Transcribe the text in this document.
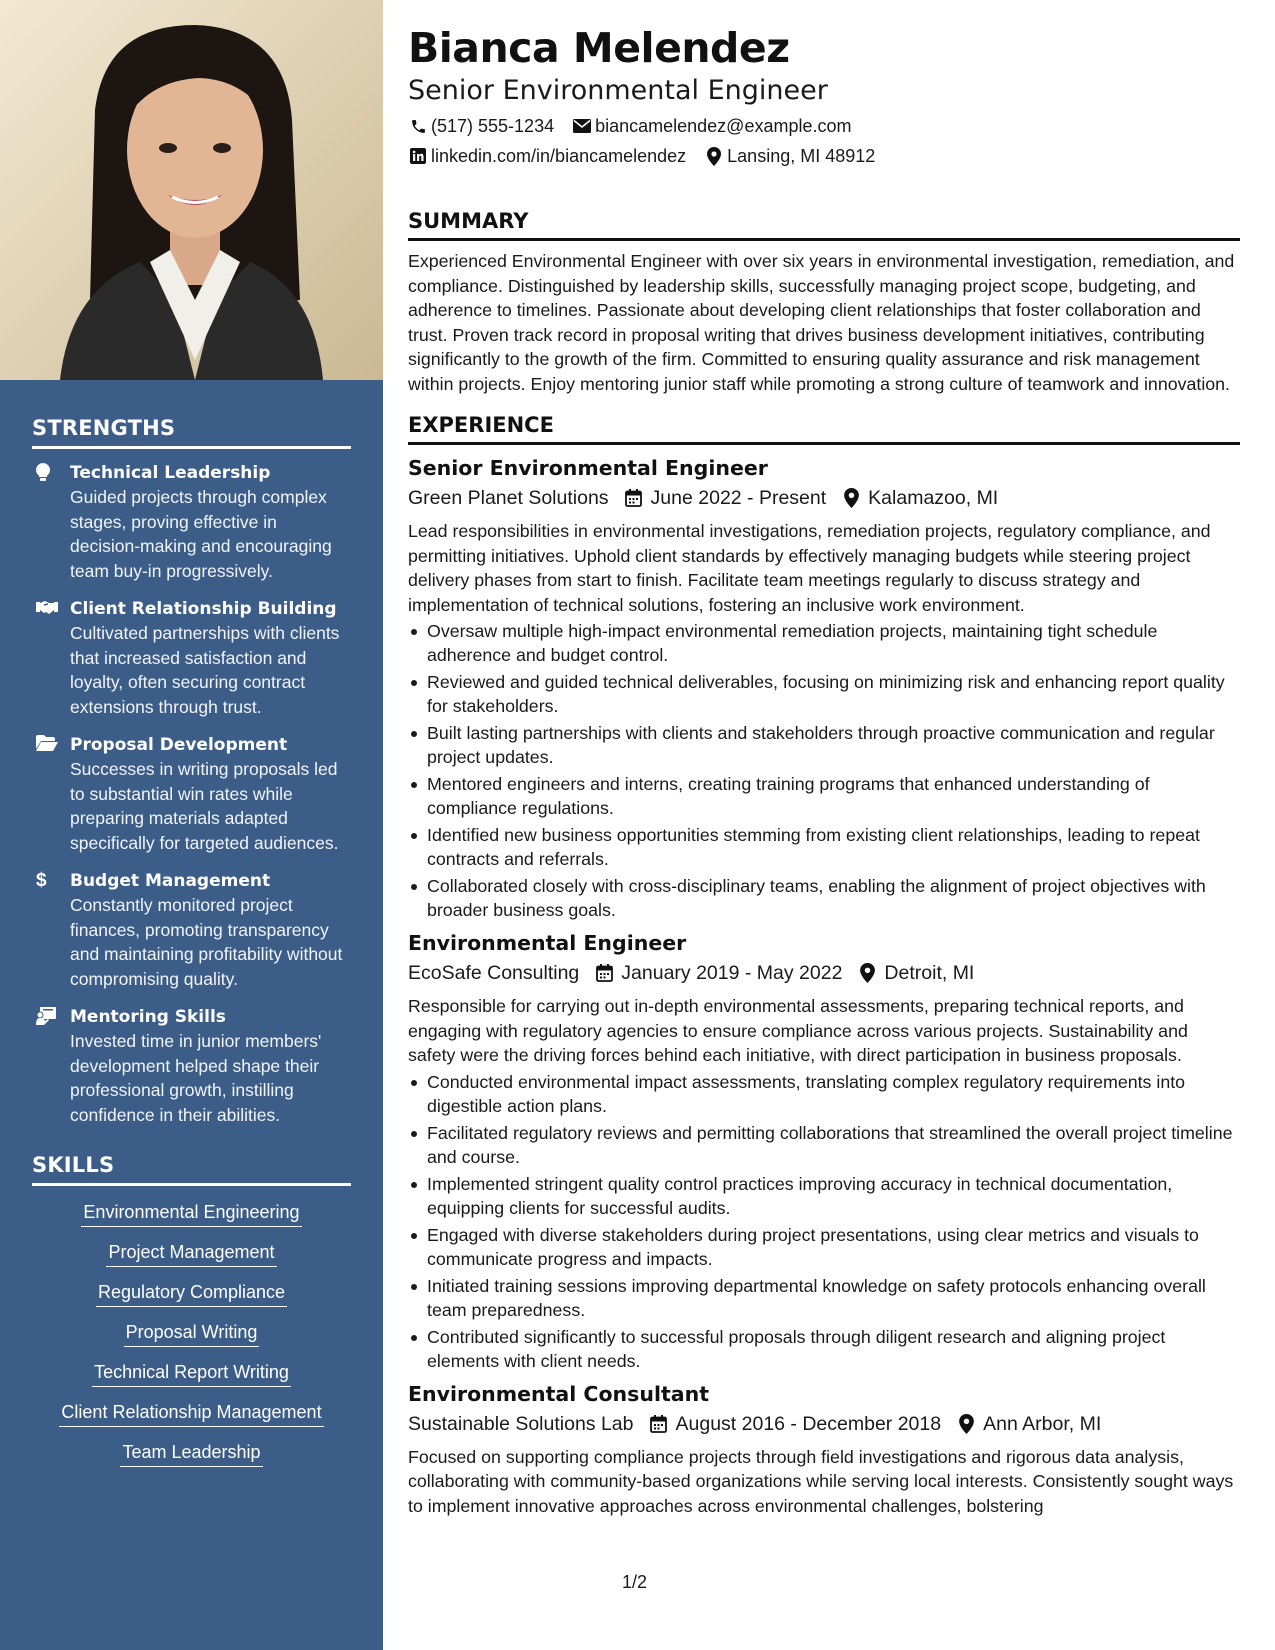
STRENGTHS
Technical Leadership
Guided projects through complex stages, proving effective in decision-making and encouraging team buy-in progressively.
Client Relationship Building
Cultivated partnerships with clients that increased satisfaction and loyalty, often securing contract extensions through trust.
Proposal Development
Successes in writing proposals led to substantial win rates while preparing materials adapted specifically for targeted audiences.
$	Budget Management
Constantly monitored project finances, promoting transparency and maintaining profitability without compromising quality.
Mentoring Skills
Invested time in junior members' development helped shape their professional growth, instilling confidence in their abilities.
SKILLS
Environmental Engineering
Project Management
Regulatory Compliance
Proposal Writing
Technical Report Writing
Client Relationship Management
Team Leadership
Bianca Melendez
Senior Environmental Engineer
(517) 555-1234 biancamelendez@example.com
linkedin.com/in/biancamelendez Lansing, MI 48912
SUMMARY

Experienced Environmental Engineer with over six years in environmental investigation, remediation, and compliance. Distinguished by leadership skills, successfully managing project scope, budgeting, and adherence to timelines. Passionate about developing client relationships that foster collaboration and trust. Proven track record in proposal writing that drives business development initiatives, contributing significantly to the growth of the firm. Committed to ensuring quality assurance and risk management within projects. Enjoy mentoring junior staff while promoting a strong culture of teamwork and innovation.

EXPERIENCE
Senior Environmental Engineer
Green Planet Solutions June 2022 - Present Kalamazoo, MI

Lead responsibilities in environmental investigations, remediation projects, regulatory compliance, and permitting initiatives. Uphold client standards by effectively managing budgets while steering project delivery phases from start to finish. Facilitate team meetings regularly to discuss strategy and implementation of technical solutions, fostering an inclusive work environment.

Oversaw multiple high-impact environmental remediation projects, maintaining tight schedule adherence and budget control.
Reviewed and guided technical deliverables, focusing on minimizing risk and enhancing report quality for stakeholders.
Built lasting partnerships with clients and stakeholders through proactive communication and regular project updates.
Mentored engineers and interns, creating training programs that enhanced understanding of compliance regulations.
Identified new business opportunities stemming from existing client relationships, leading to repeat contracts and referrals.
Collaborated closely with cross-disciplinary teams, enabling the alignment of project objectives with broader business goals.
Environmental Engineer
EcoSafe Consulting January 2019 - May 2022 Detroit, MI

Responsible for carrying out in-depth environmental assessments, preparing technical reports, and engaging with regulatory agencies to ensure compliance across various projects. Sustainability and safety were the driving forces behind each initiative, with direct participation in business proposals.

Conducted environmental impact assessments, translating complex regulatory requirements into digestible action plans.
Facilitated regulatory reviews and permitting collaborations that streamlined the overall project timeline and course.
Implemented stringent quality control practices improving accuracy in technical documentation, equipping clients for successful audits.
Engaged with diverse stakeholders during project presentations, using clear metrics and visuals to communicate progress and impacts.
Initiated training sessions improving departmental knowledge on safety protocols enhancing overall team preparedness.
Contributed significantly to successful proposals through diligent research and aligning project elements with client needs.
Environmental Consultant
Sustainable Solutions Lab August 2016 - December 2018 Ann Arbor, MI

Focused on supporting compliance projects through field investigations and rigorous data analysis, collaborating with community-based organizations while serving local interests. Consistently sought ways to implement innovative approaches across environmental challenges, bolstering

1/2
